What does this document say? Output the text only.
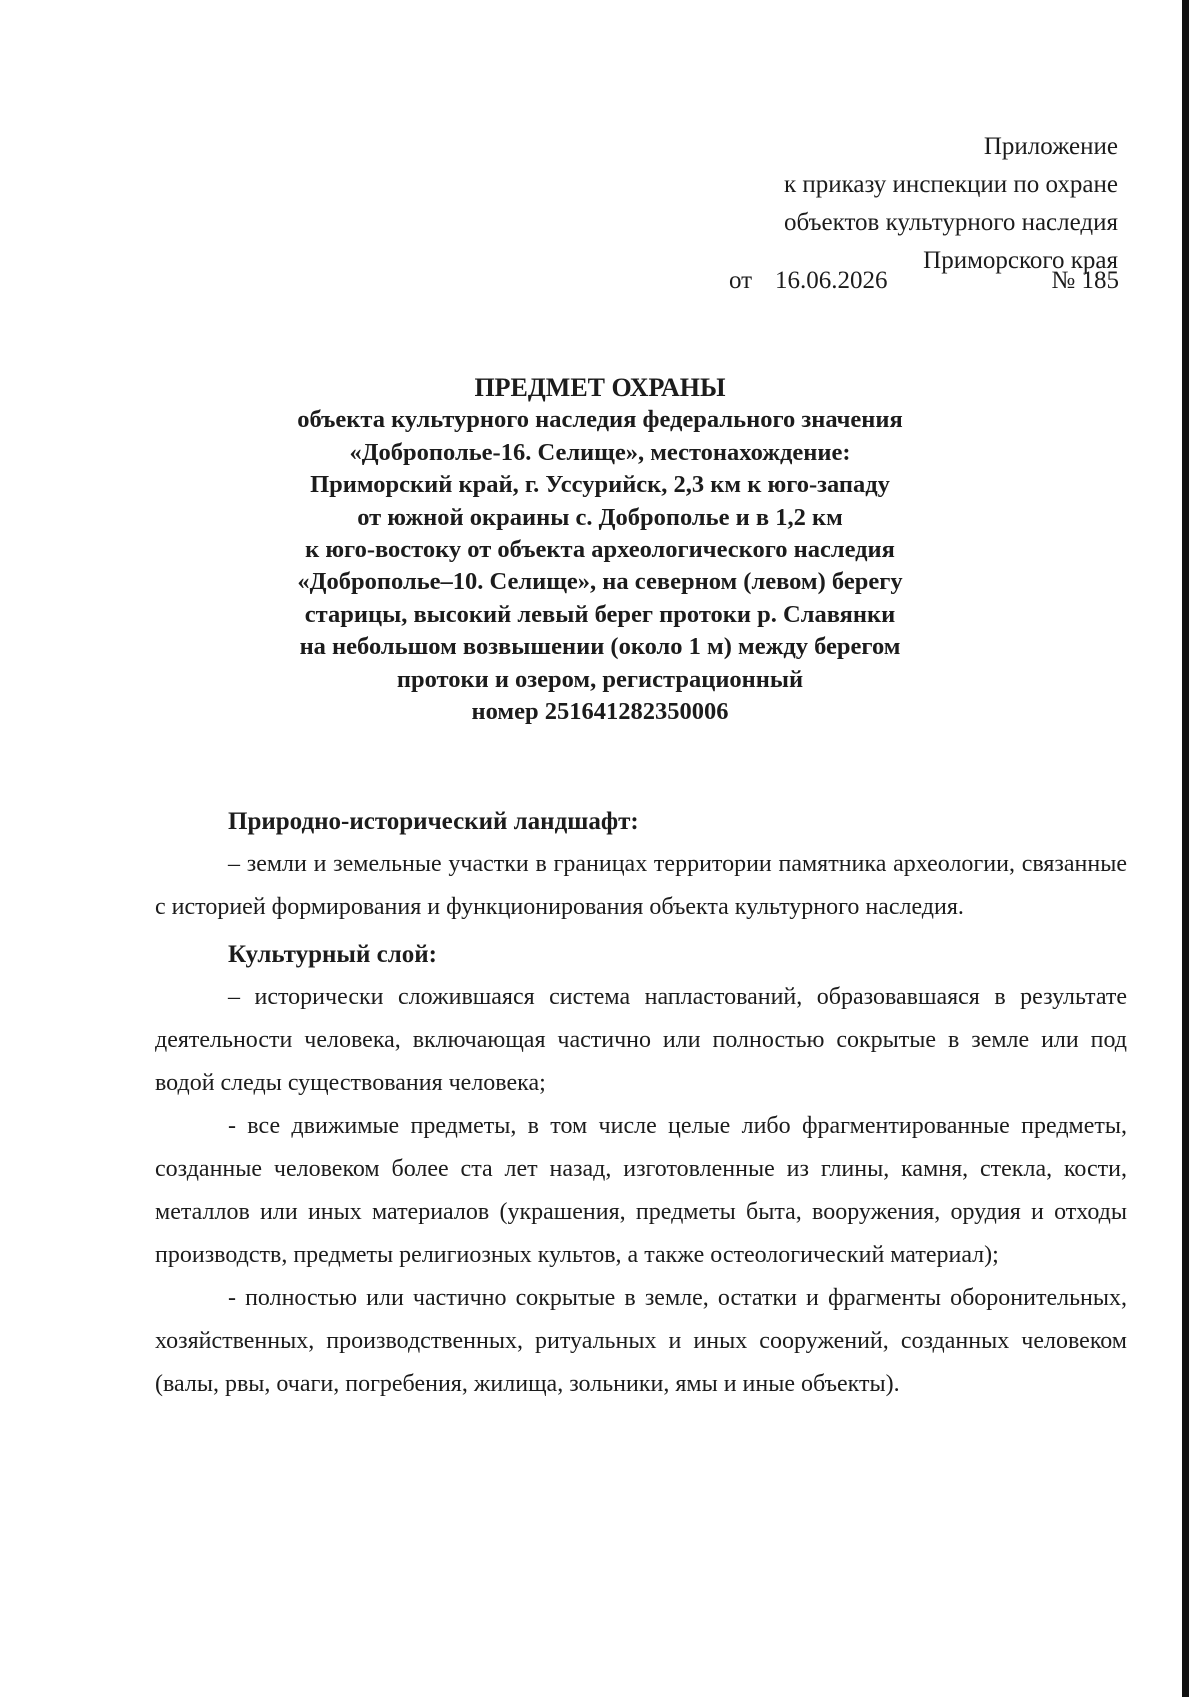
Приложение
к приказу инспекции по охране
объектов культурного наследия
Приморского края
от 16.06.2026	№ 185
ПРЕДМЕТ ОХРАНЫ
объекта культурного наследия федерального значения
«Доброполье-16. Селище», местонахождение:
Приморский край, г. Уссурийск, 2,3 км к юго-западу
от южной окраины с. Доброполье и в 1,2 км
к юго-востоку от объекта археологического наследия
«Доброполье–10. Селище», на северном (левом) берегу
старицы, высокий левый берег протоки р. Славянки
на небольшом возвышении (около 1 м) между берегом
протоки и озером, регистрационный
номер 251641282350006

Природно-исторический ландшафт:

– земли и земельные участки в границах территории памятника археологии, связанные с историей формирования и функционирования объекта культурного наследия.

Культурный слой:

– исторически сложившаяся система напластований, образовавшаяся в результате деятельности человека, включающая частично или полностью сокрытые в земле или под водой следы существования человека;

- все движимые предметы, в том числе целые либо фрагментированные предметы, созданные человеком более ста лет назад, изготовленные из глины, камня, стекла, кости, металлов или иных материалов (украшения, предметы быта, вооружения, орудия и отходы производств, предметы религиозных культов, а также остеологический материал);

- полностью или частично сокрытые в земле, остатки и фрагменты оборонительных, хозяйственных, производственных, ритуальных и иных сооружений, созданных человеком (валы, рвы, очаги, погребения, жилища, зольники, ямы и иные объекты).
